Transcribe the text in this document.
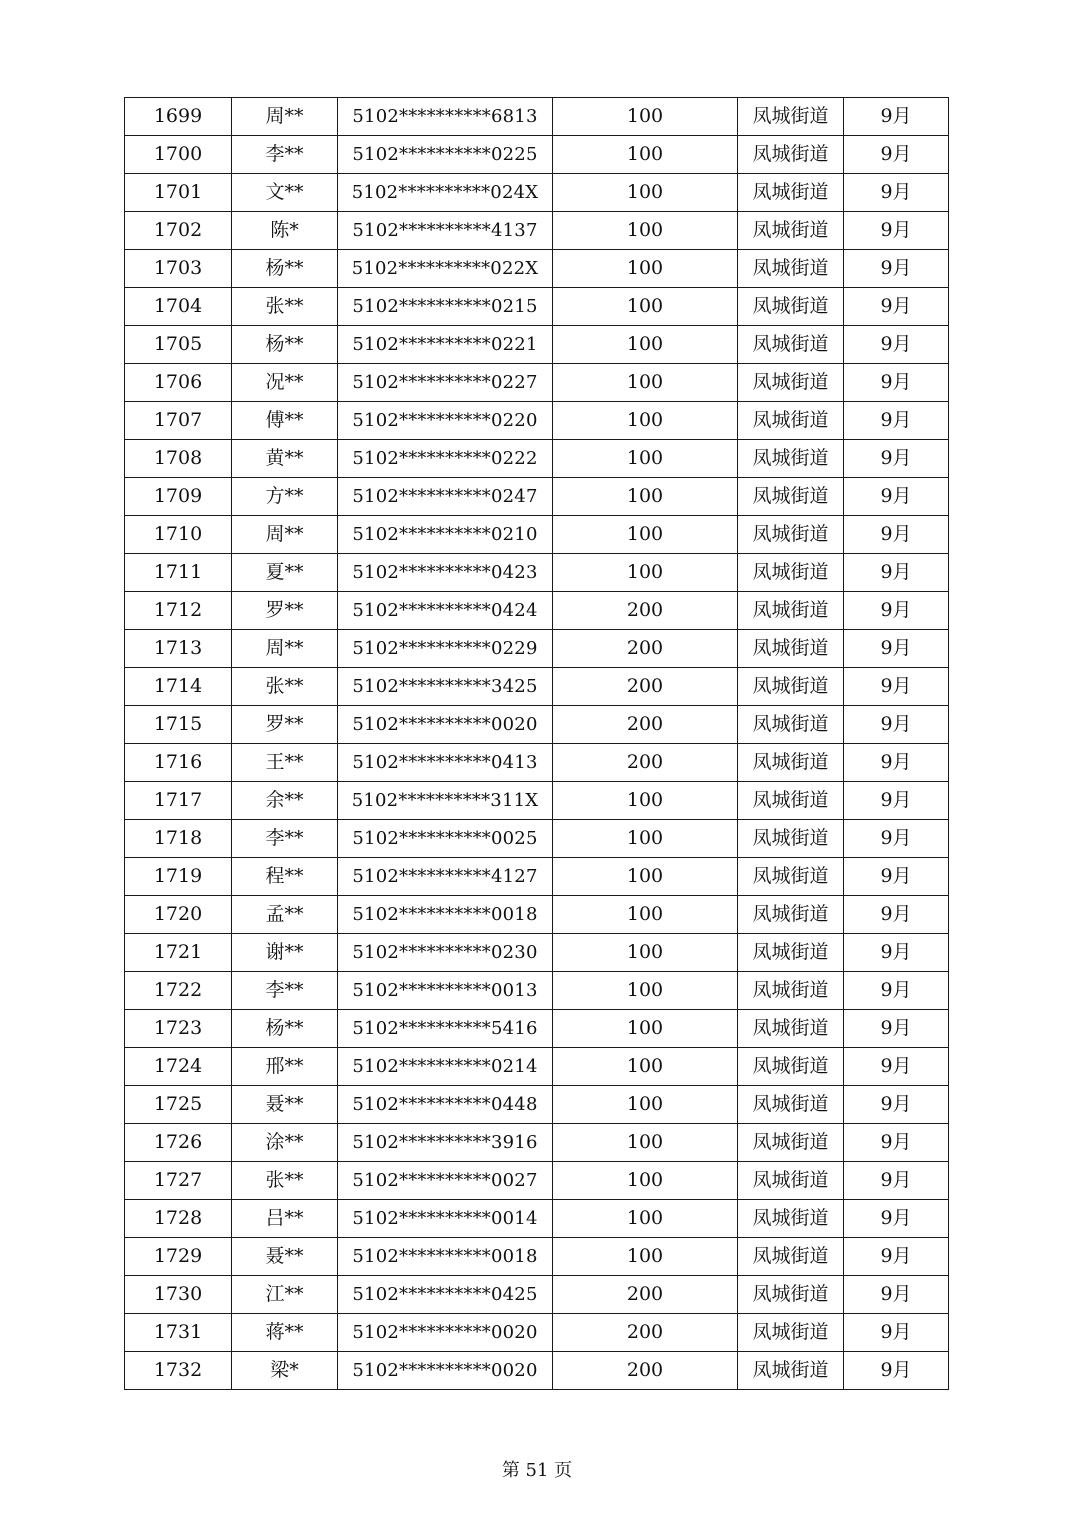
1699	周**	5102**********6813	100	凤城街道	9月
1700	李**	5102**********0225	100	凤城街道	9月
1701	文**	5102**********024X	100	凤城街道	9月
1702	陈*	5102**********4137	100	凤城街道	9月
1703	杨**	5102**********022X	100	凤城街道	9月
1704	张**	5102**********0215	100	凤城街道	9月
1705	杨**	5102**********0221	100	凤城街道	9月
1706	况**	5102**********0227	100	凤城街道	9月
1707	傅**	5102**********0220	100	凤城街道	9月
1708	黄**	5102**********0222	100	凤城街道	9月
1709	方**	5102**********0247	100	凤城街道	9月
1710	周**	5102**********0210	100	凤城街道	9月
1711	夏**	5102**********0423	100	凤城街道	9月
1712	罗**	5102**********0424	200	凤城街道	9月
1713	周**	5102**********0229	200	凤城街道	9月
1714	张**	5102**********3425	200	凤城街道	9月
1715	罗**	5102**********0020	200	凤城街道	9月
1716	王**	5102**********0413	200	凤城街道	9月
1717	余**	5102**********311X	100	凤城街道	9月
1718	李**	5102**********0025	100	凤城街道	9月
1719	程**	5102**********4127	100	凤城街道	9月
1720	孟**	5102**********0018	100	凤城街道	9月
1721	谢**	5102**********0230	100	凤城街道	9月
1722	李**	5102**********0013	100	凤城街道	9月
1723	杨**	5102**********5416	100	凤城街道	9月
1724	邢**	5102**********0214	100	凤城街道	9月
1725	聂**	5102**********0448	100	凤城街道	9月
1726	涂**	5102**********3916	100	凤城街道	9月
1727	张**	5102**********0027	100	凤城街道	9月
1728	吕**	5102**********0014	100	凤城街道	9月
1729	聂**	5102**********0018	100	凤城街道	9月
1730	江**	5102**********0425	200	凤城街道	9月
1731	蒋**	5102**********0020	200	凤城街道	9月
1732	梁*	5102**********0020	200	凤城街道	9月
第 51 页
